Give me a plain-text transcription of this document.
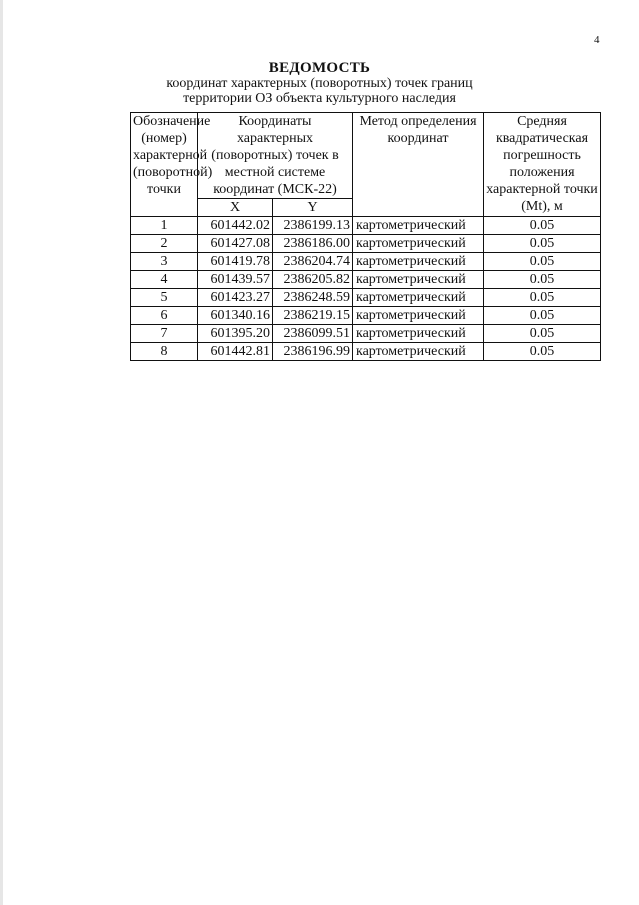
4
ВЕДОМОСТЬ
координат характерных (поворотных) точек границ
территории ОЗ объекта культурного наследия
Обозначение (номер) характерной (поворотной) точки	Координаты характерных (поворотных) точек в местной системе координат (МСК-22)		Метод определения координат	Средняя квадратическая погрешность положения характерной точки (Mt), м
	X	Y		
1	601442.02	2386199.13	картометрический	0.05
2	601427.08	2386186.00	картометрический	0.05
3	601419.78	2386204.74	картометрический	0.05
4	601439.57	2386205.82	картометрический	0.05
5	601423.27	2386248.59	картометрический	0.05
6	601340.16	2386219.15	картометрический	0.05
7	601395.20	2386099.51	картометрический	0.05
8	601442.81	2386196.99	картометрический	0.05
